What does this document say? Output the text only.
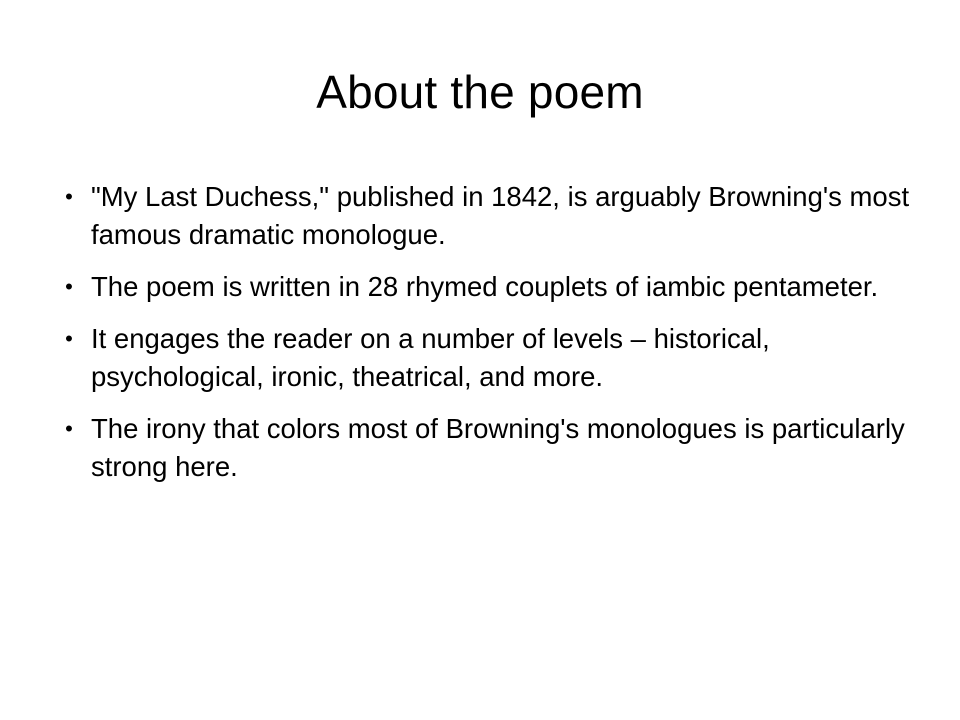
About the poem
• "My Last Duchess," published in 1842, is arguably Browning's most famous dramatic monologue.
• The poem is written in 28 rhymed couplets of iambic pentameter.
• It engages the reader on a number of levels – historical, psychological, ironic, theatrical, and more.
• The irony that colors most of Browning's monologues is particularly strong here.
